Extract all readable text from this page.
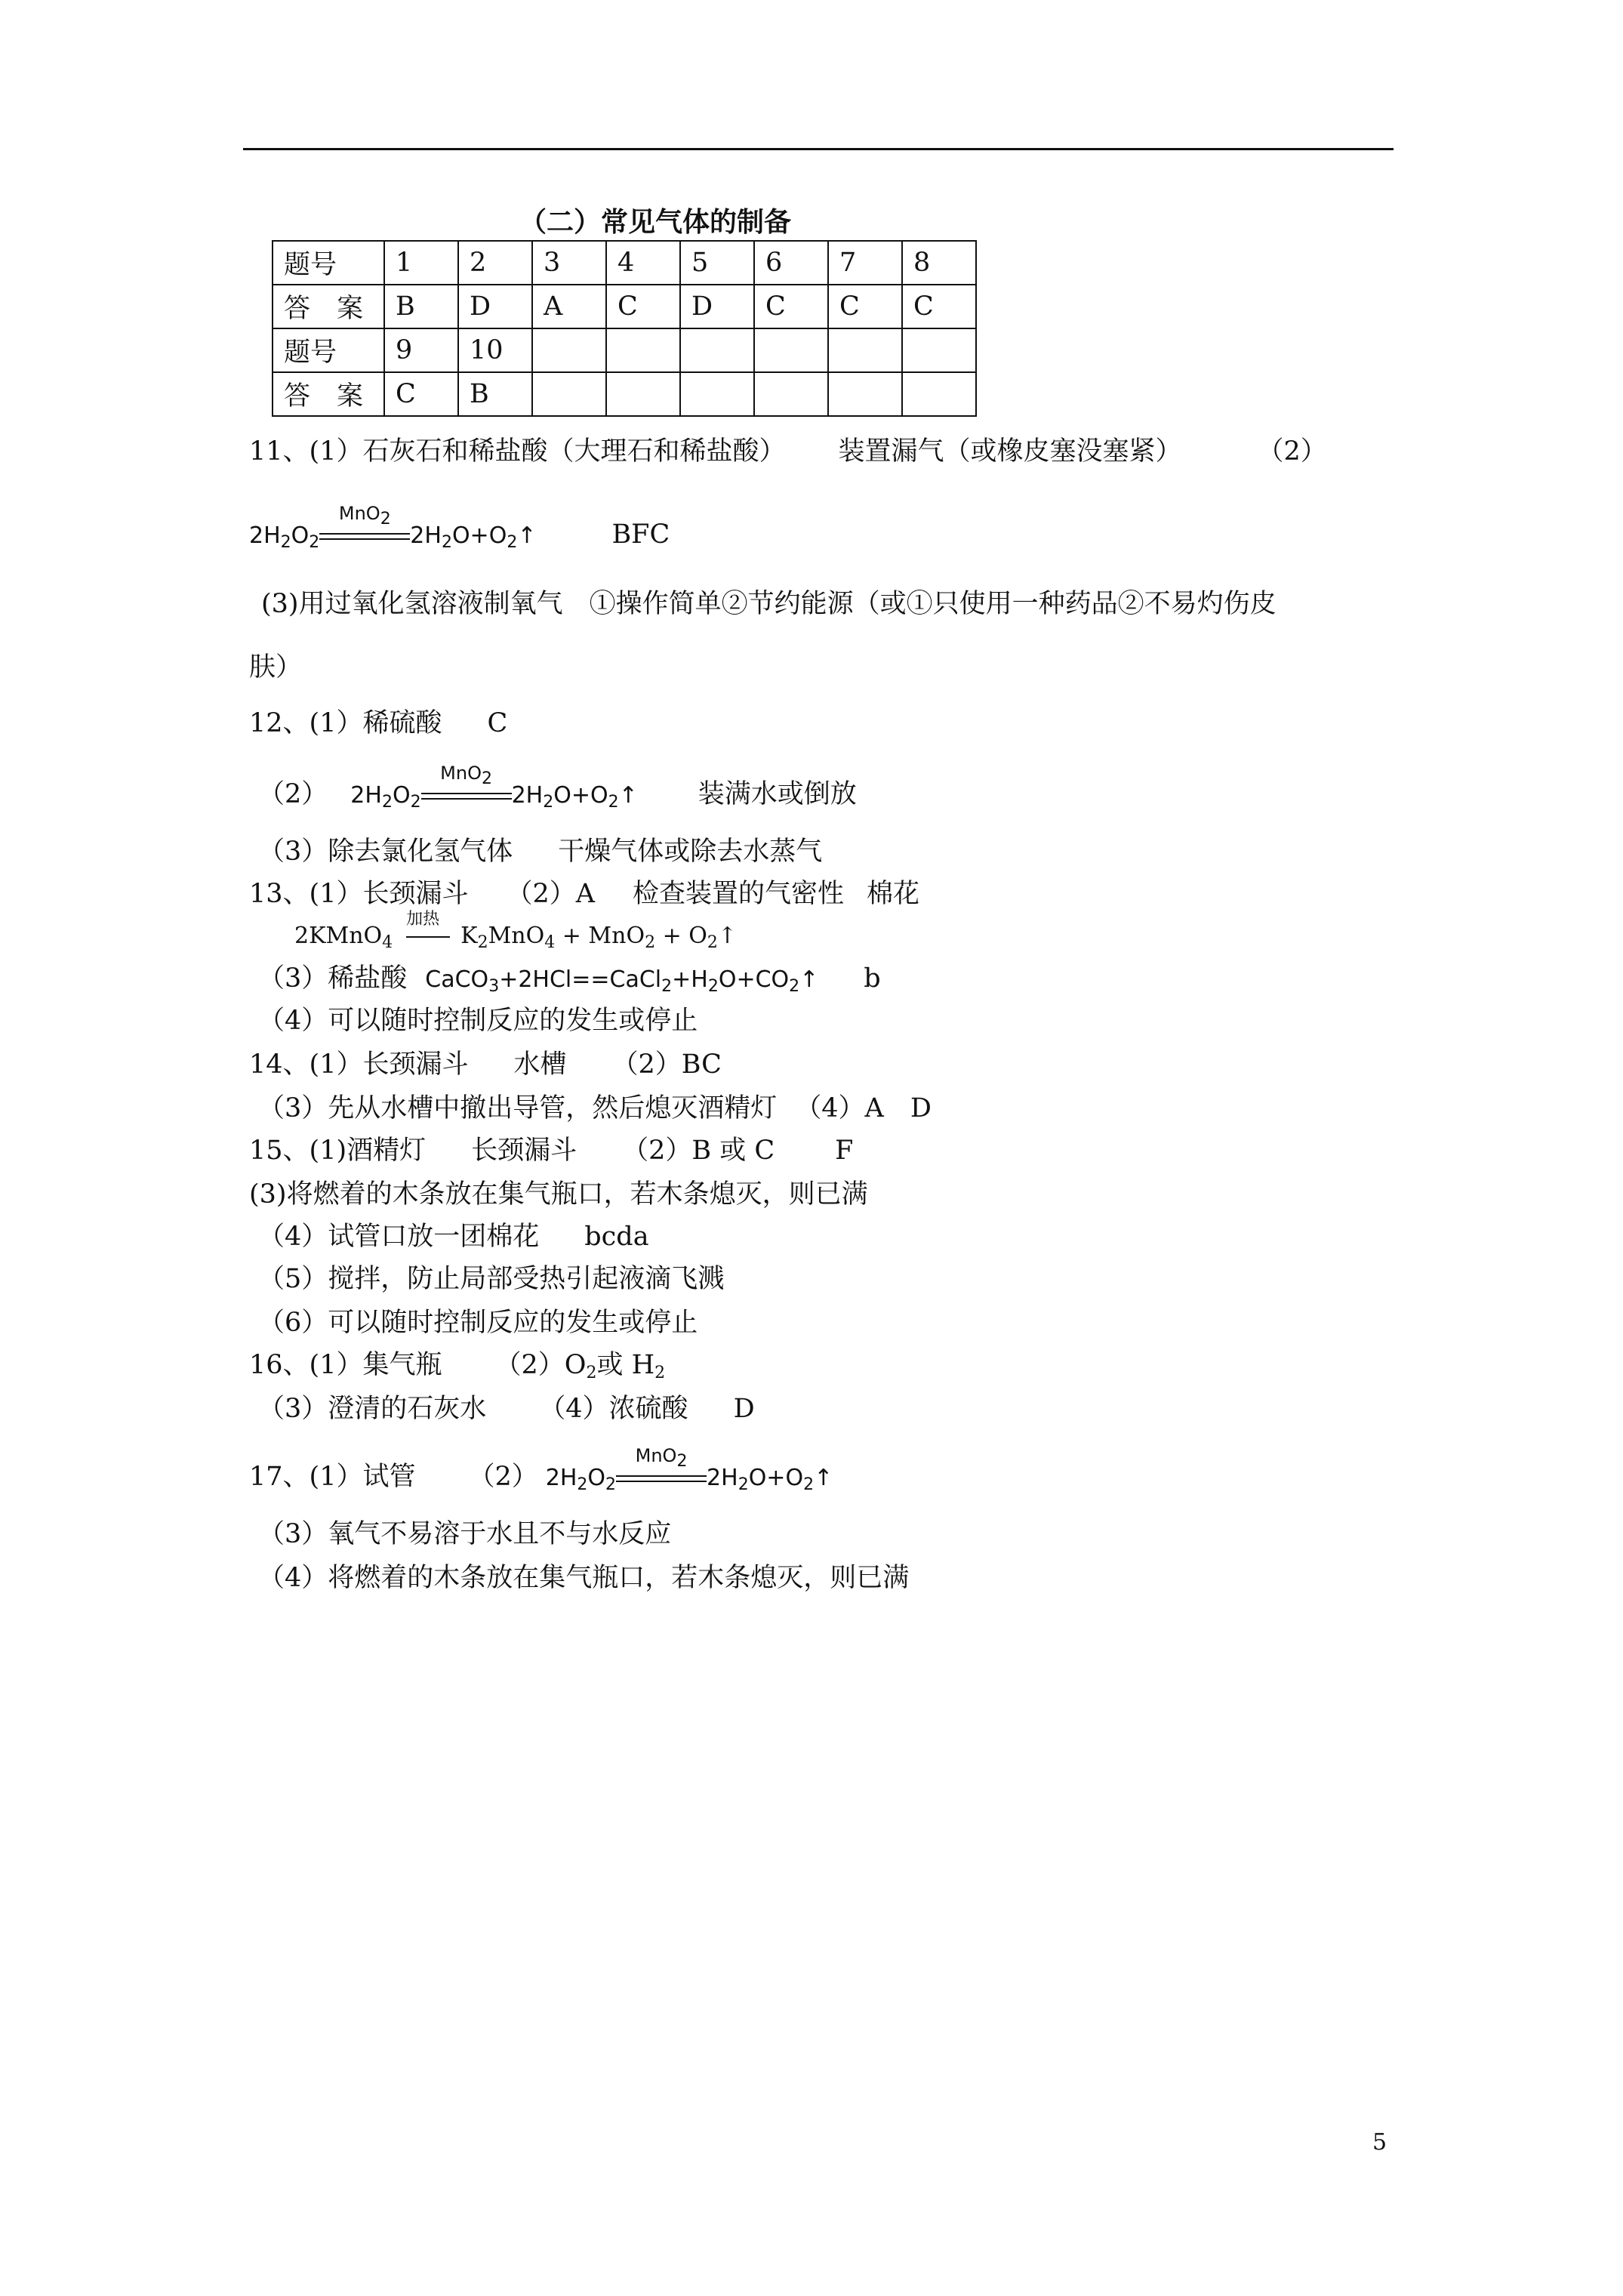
（二）常见气体的制备
题号	1	2	3	4	5	6	7	8
答　案	B	D	A	C	D	C	C	C
题号	9	10						
答　案	C	B						
11、(1）石灰石和稀盐酸（大理石和稀盐酸） 装置漏气（或橡皮塞没塞紧）	（2）
$2H_2O_2$
MnO$_2$
$2H_2O+O_2↑$	BFC
(3)用过氧化氢溶液制氧气　①操作简单②节约能源（或①只使用一种药品②不易灼伤皮
肤）
12、(1）稀硫酸 C
（2） $2H_2O_2$
MnO$_2$
$2H_2O+O_2↑$ 装满水或倒放
（3）除去氯化氢气体 干燥气体或除去水蒸气
13、(1）长颈漏斗 （2）A 检查装置的气密性 棉花
2KMnO$_4$
加热
$K_2MnO_4 + MnO_2$ + $O_2↑$
（3）稀盐酸 $CaCO_3+2HCl==CaCl_2+H_2O+CO_2↑$ b
（4）可以随时控制反应的发生或停止
14、(1）长颈漏斗 水槽 （2）BC
（3）先从水槽中撤出导管，然后熄灭酒精灯 （4）A　D
15、(1)酒精灯 长颈漏斗 （2）B 或 C F
(3)将燃着的木条放在集气瓶口，若木条熄灭，则已满
（4）试管口放一团棉花 bcda
（5）搅拌，防止局部受热引起液滴飞溅
（6）可以随时控制反应的发生或停止
16、(1）集气瓶 $(2)O_2$或 $H_2$
（3）澄清的石灰水 （4）浓硫酸 D
17、(1）试管 （2） $2H_2O_2$
MnO$_2$
$2H_2O+O_2↑$
（3）氧气不易溶于水且不与水反应
（4）将燃着的木条放在集气瓶口，若木条熄灭，则已满
5
